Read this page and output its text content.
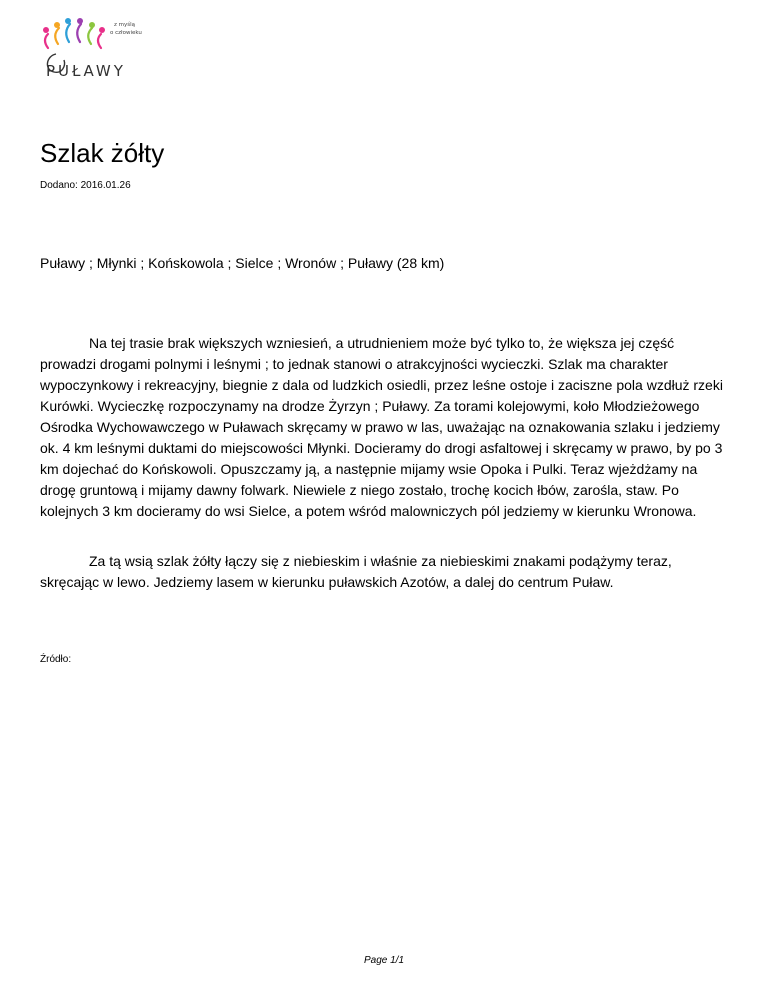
PUŁAWY
z myślą
o człowieku
Szlak żółty
Dodano: 2016.01.26

Puławy ; Młynki ; Końskowola ; Sielce ; Wronów ; Puławy (28 km)

Na tej trasie brak większych wzniesień, a utrudnieniem może być tylko to, że większa jej część prowadzi drogami polnymi i leśnymi ; to jednak stanowi o atrakcyjności wycieczki. Szlak ma charakter wypoczynkowy i rekreacyjny, biegnie z dala od ludzkich osiedli, przez leśne ostoje i zaciszne pola wzdłuż rzeki Kurówki. Wycieczkę rozpoczynamy na drodze Żyrzyn ; Puławy. Za torami kolejowymi, koło Młodzieżowego Ośrodka Wychowawczego w Puławach skręcamy w prawo w las, uważając na oznakowania szlaku i jedziemy ok. 4 km leśnymi duktami do miejscowości Młynki. Docieramy do drogi asfaltowej i skręcamy w prawo, by po 3 km dojechać do Końskowoli. Opuszczamy ją, a następnie mijamy wsie Opoka i Pulki. Teraz wjeżdżamy na drogę gruntową i mijamy dawny folwark. Niewiele z niego zostało, trochę kocich łbów, zarośla, staw. Po kolejnych 3 km docieramy do wsi Sielce, a potem wśród malowniczych pól jedziemy w kierunku Wronowa.

Za tą wsią szlak żółty łączy się z niebieskim i właśnie za niebieskimi znakami podążymy teraz, skręcając w lewo. Jedziemy lasem w kierunku puławskich Azotów, a dalej do centrum Puław.

Źródło:
Page 1/1
